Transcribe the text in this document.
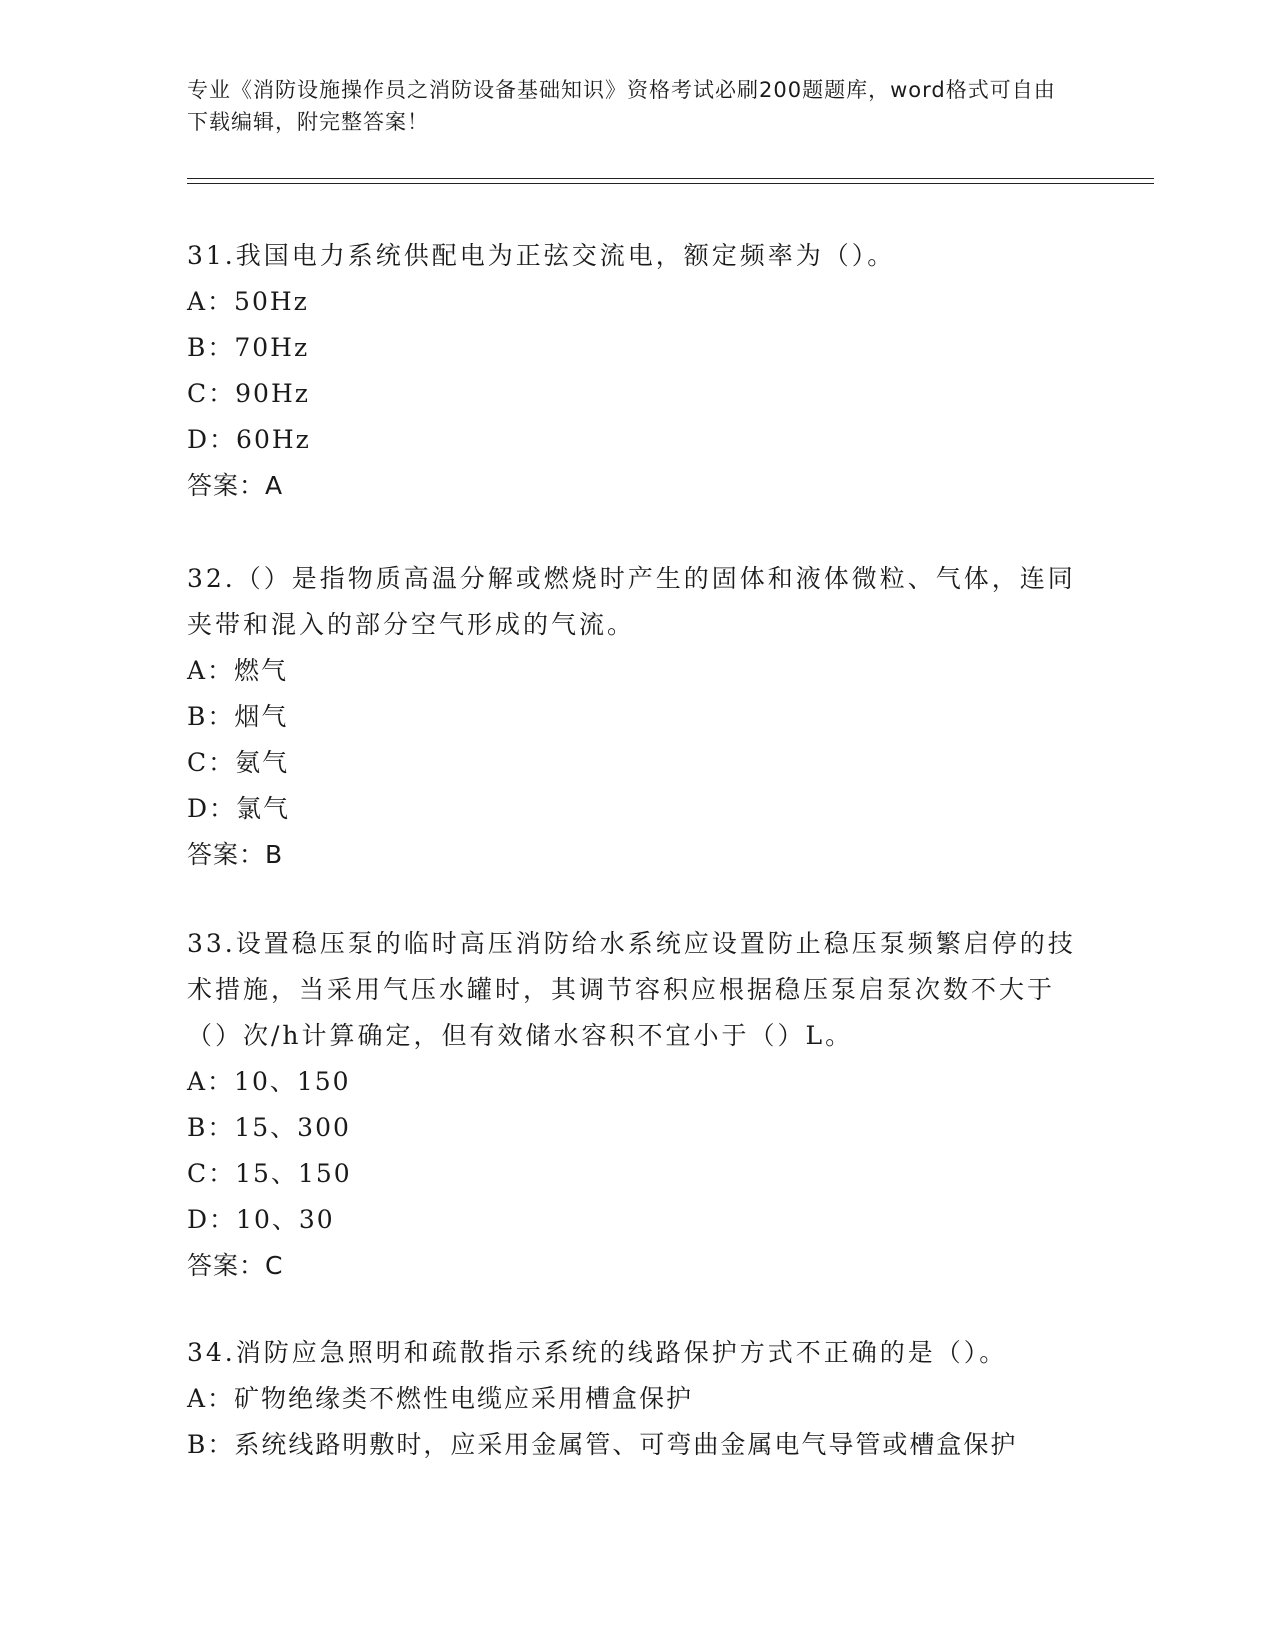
专业《消防设施操作员之消防设备基础知识》资格考试必刷200题题库，word格式可自由下载编辑，附完整答案！

31.我国电力系统供配电为正弦交流电，额定频率为（）。

A：50Hz

B：70Hz

C：90Hz

D：60Hz

答案：A

32.（）是指物质高温分解或燃烧时产生的固体和液体微粒、气体，连同夹带和混入的部分空气形成的气流。

A：燃气

B：烟气

C：氨气

D：氯气

答案：B

33.设置稳压泵的临时高压消防给水系统应设置防止稳压泵频繁启停的技术措施，当采用气压水罐时，其调节容积应根据稳压泵启泵次数不大于（）次/h计算确定，但有效储水容积不宜小于（）L。

A：10、150

B：15、300

C：15、150

D：10、30

答案：C

34.消防应急照明和疏散指示系统的线路保护方式不正确的是（）。

A：矿物绝缘类不燃性电缆应采用槽盒保护

B：系统线路明敷时，应采用金属管、可弯曲金属电气导管或槽盒保护
